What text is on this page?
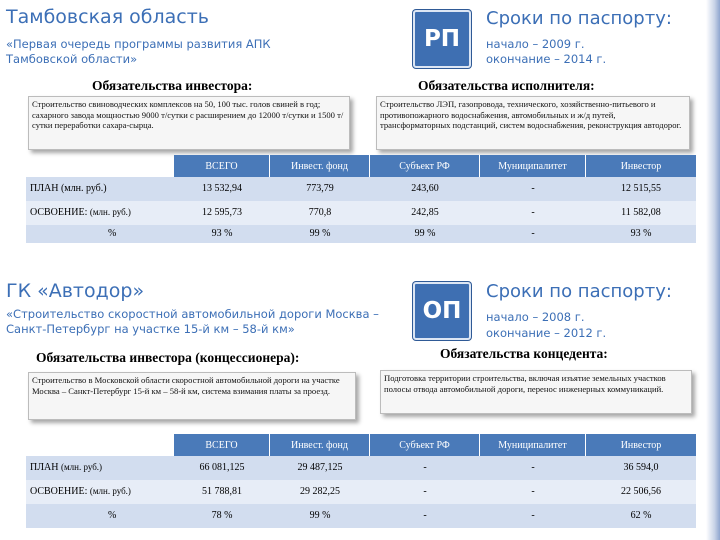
Тамбовская область
«Первая очередь программы развития АПК
Тамбовской области»
РП
Сроки по паспорту:
начало – 2009 г.
окончание – 2014 г.
Обязательства инвестора:	Обязательства исполнителя:
Строительство свиноводческих комплексов на 50, 100 тыс. голов свиней в год; сахарного завода мощностью 9000 т/сутки с расширением до 12000 т/сутки и 1500 т/сутки переработки сахара-сырца.
Строительство ЛЭП, газопровода, технического, хозяйственно-питьевого и противопожарного водоснабжения, автомобильных и ж/д путей, трансформаторных подстанций, систем водоснабжения, реконструкция автодорог.
ВСЕГО	Инвест. фонд	Субъект РФ	Муниципалитет	Инвестор
ПЛАН (млн. руб.)	13 532,94	773,79	243,60	-	12 515,55
ОСВОЕНИЕ: (млн. руб.)	12 595,73	770,8	242,85	-	11 582,08
%	93 %	99 %	99 %	-	93 %
ГК «Автодор»
«Строительство скоростной автомобильной дороги Москва –
Санкт-Петербург на участке 15-й км – 58-й км»
ОП
Сроки по паспорту:
начало – 2008 г.
окончание – 2012 г.
Обязательства инвестора (концессионера):	Обязательства концедента:
Строительство в Московской области скоростной автомобильной дороги на участке Москва – Санкт-Петербург 15-й км – 58-й км, система взимания платы за проезд.
Подготовка территории строительства, включая изъятие земельных участков полосы отвода автомобильной дороги, перенос инженерных коммуникаций.
ВСЕГО	Инвест. фонд	Субъект РФ	Муниципалитет	Инвестор
ПЛАН (млн. руб.)	66 081,125	29 487,125	-	-	36 594,0
ОСВОЕНИЕ: (млн. руб.)	51 788,81	29 282,25	-	-	22 506,56
%	78 %	99 %	-	-	62 %
